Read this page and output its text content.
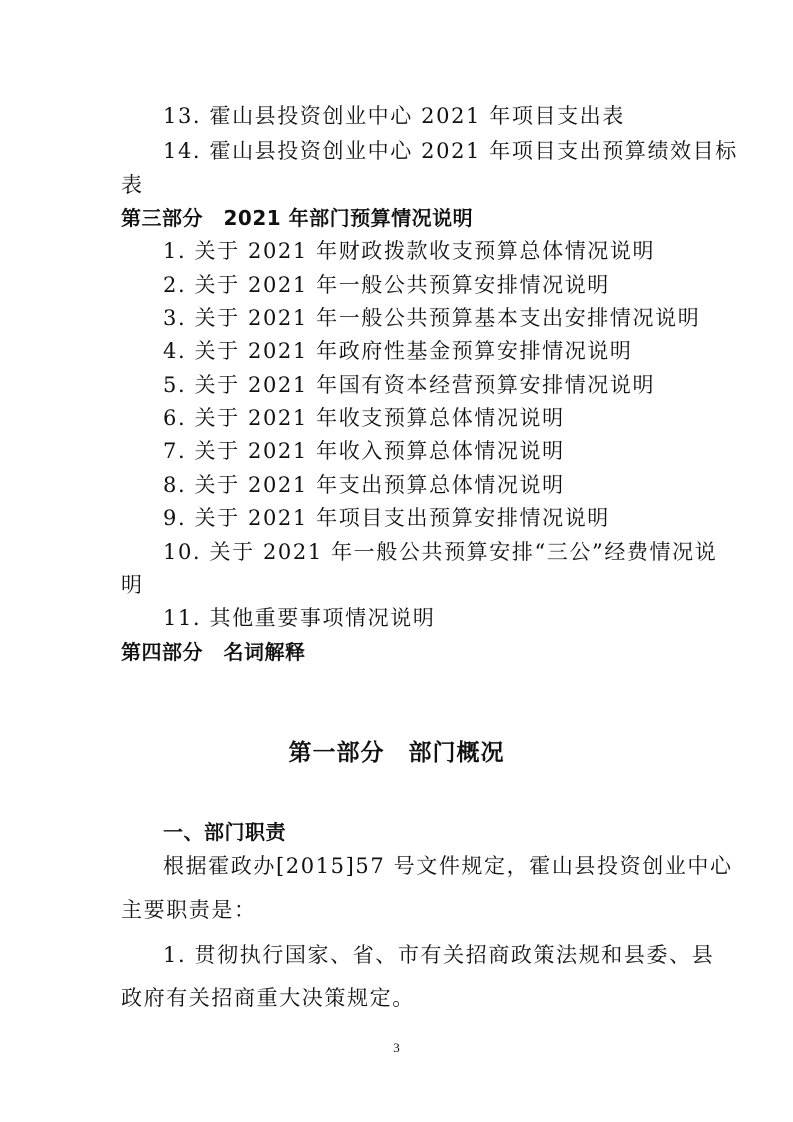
13. 霍山县投资创业中心 2021 年项目支出表
14. 霍山县投资创业中心 2021 年项目支出预算绩效目标
表
第三部分　2021 年部门预算情况说明
1. 关于 2021 年财政拨款收支预算总体情况说明
2. 关于 2021 年一般公共预算安排情况说明
3. 关于 2021 年一般公共预算基本支出安排情况说明
4. 关于 2021 年政府性基金预算安排情况说明
5. 关于 2021 年国有资本经营预算安排情况说明
6. 关于 2021 年收支预算总体情况说明
7. 关于 2021 年收入预算总体情况说明
8. 关于 2021 年支出预算总体情况说明
9. 关于 2021 年项目支出预算安排情况说明
10. 关于 2021 年一般公共预算安排“三公”经费情况说
明
11. 其他重要事项情况说明
第四部分　名词解释
第一部分　部门概况
一、部门职责
根据霍政办[2015]57 号文件规定，霍山县投资创业中心
主要职责是：
1. 贯彻执行国家、省、市有关招商政策法规和县委、县
政府有关招商重大决策规定。
3
